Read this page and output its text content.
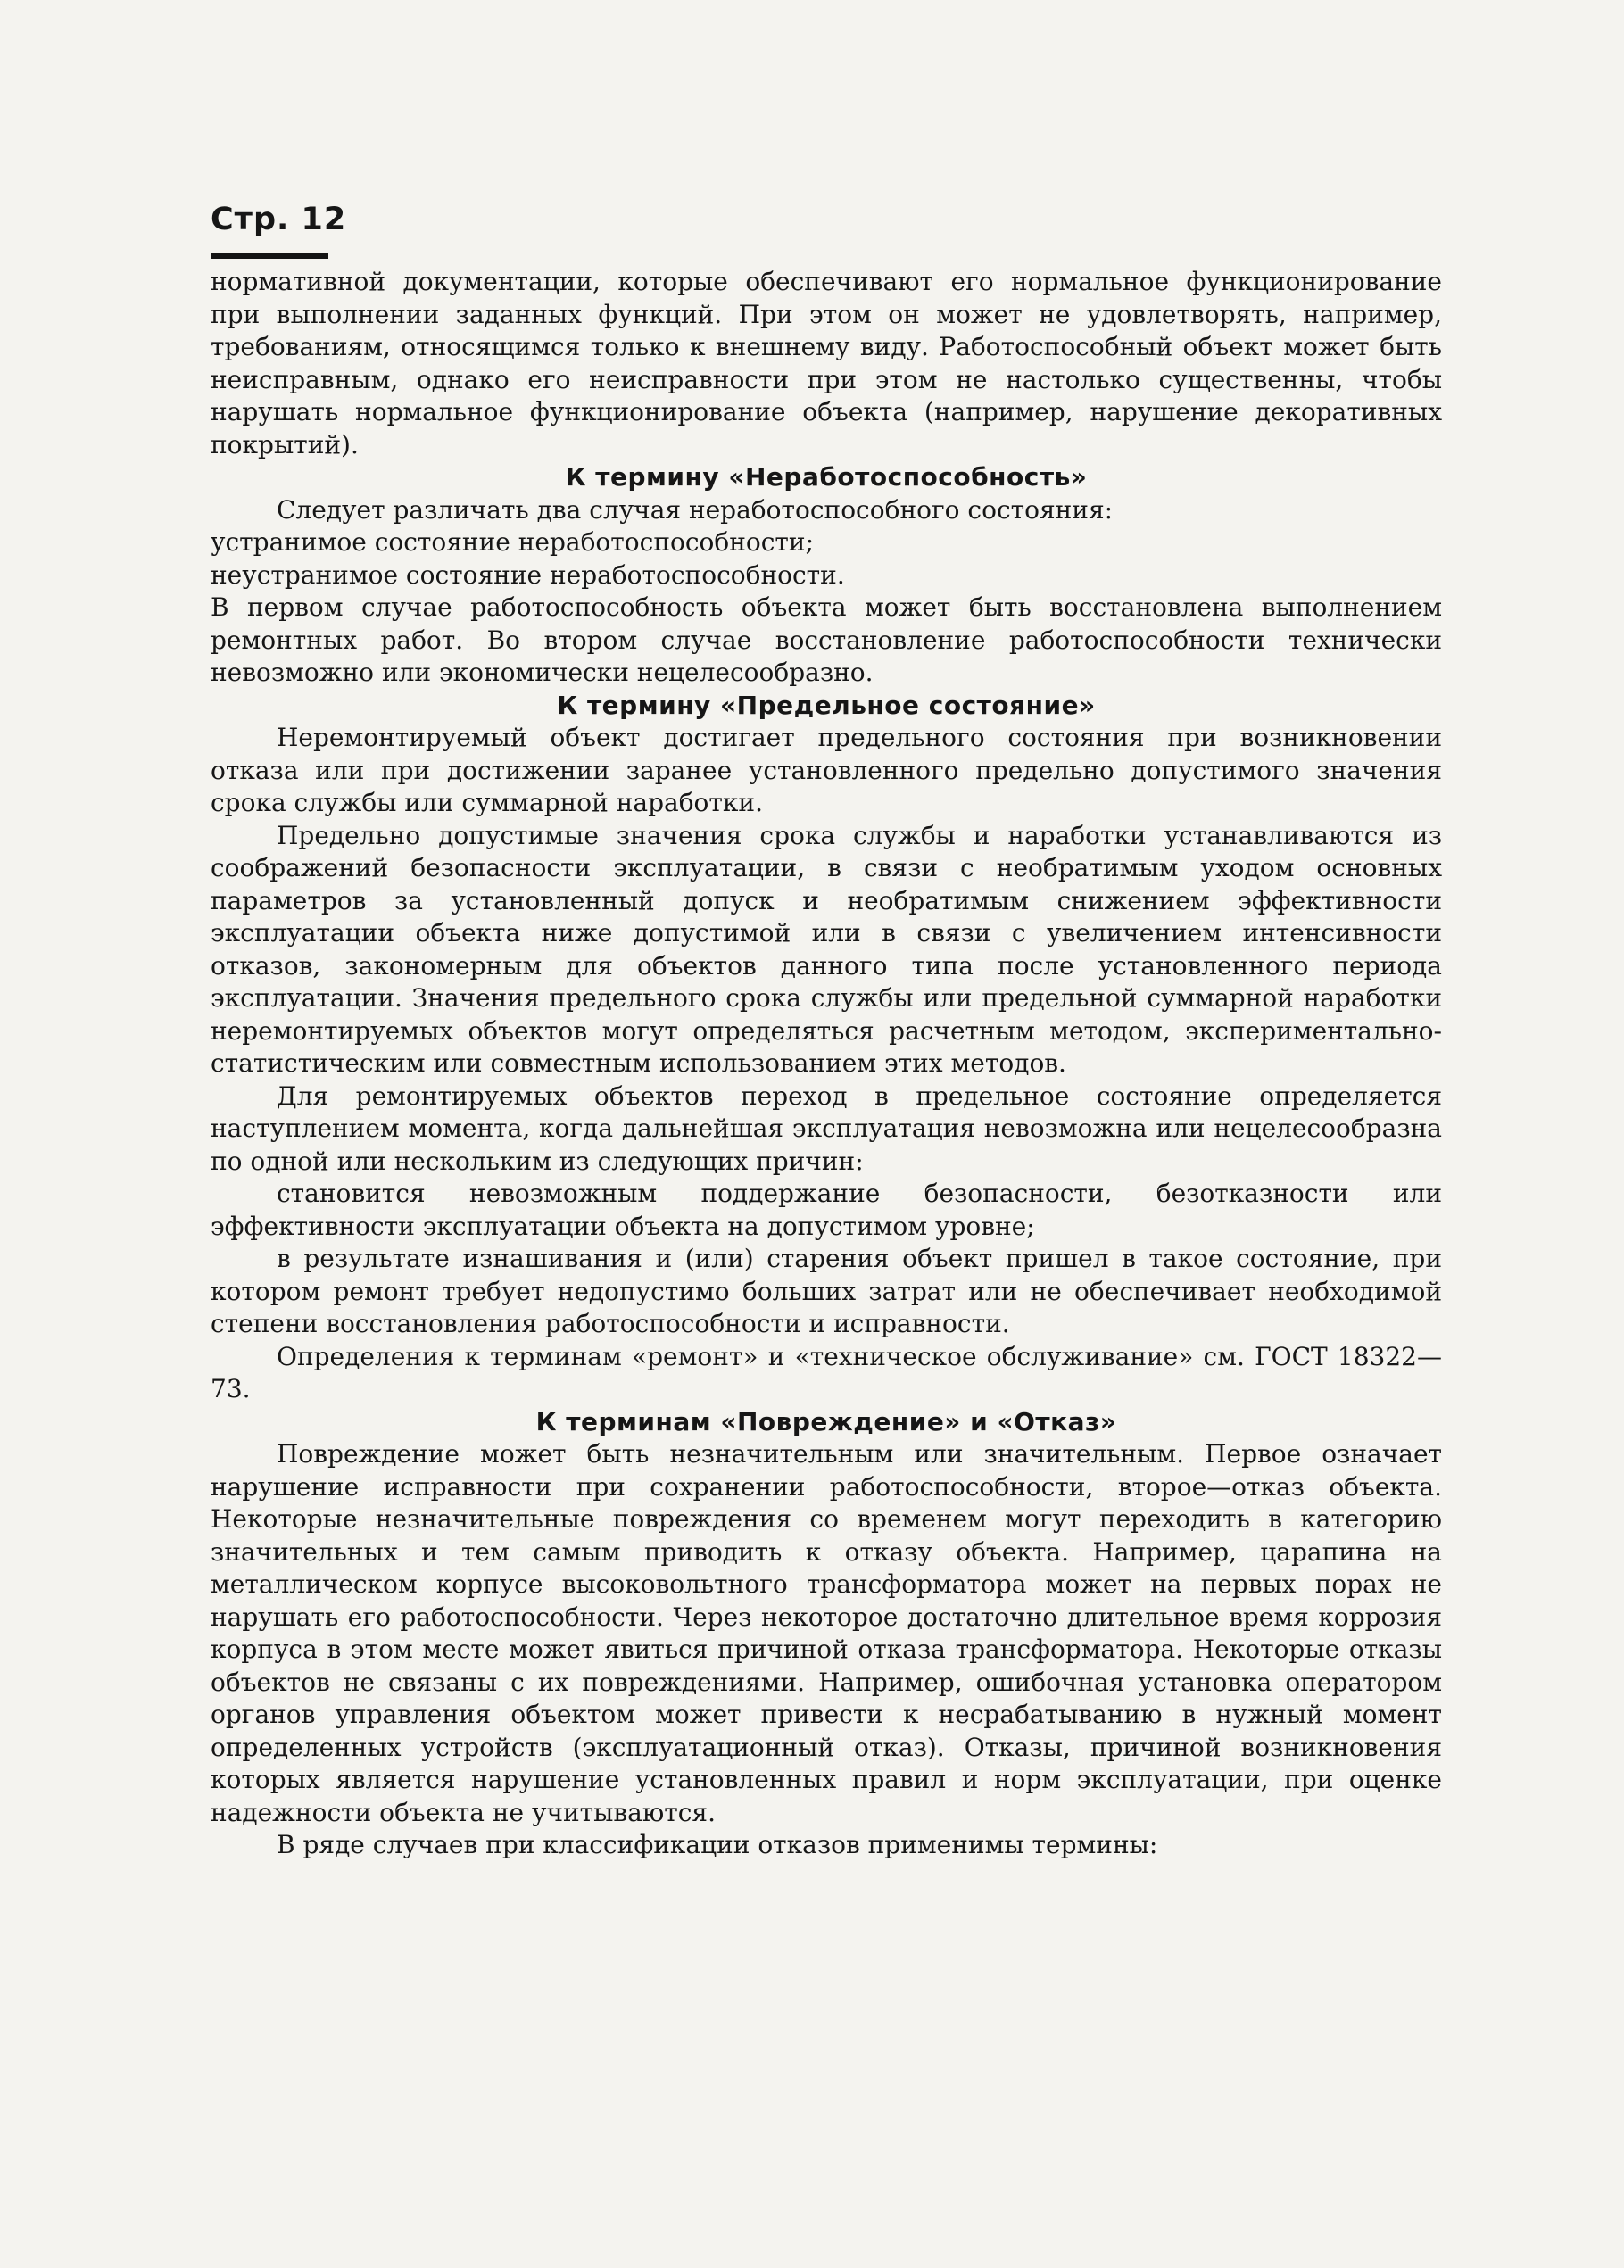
Стр. 12

нормативной документации, которые обеспечивают его нормальное функционирование при выполнении заданных функций. При этом он может не удовлетворять, например, требованиям, относящимся только к внешнему виду. Работоспособный объект может быть неисправным, однако его неисправности при этом не настолько существенны, чтобы нарушать нормальное функционирование объекта (например, нарушение декоративных покрытий).

К термину «Неработоспособность»

Следует различать два случая неработоспособного состояния:

устранимое состояние неработоспособности;

неустранимое состояние неработоспособности.

В первом случае работоспособность объекта может быть восстановлена выполнением ремонтных работ. Во втором случае восстановление работоспособности технически невозможно или экономически нецелесообразно.

К термину «Предельное состояние»

Неремонтируемый объект достигает предельного состояния при возникновении отказа или при достижении заранее установленного предельно допустимого значения срока службы или суммарной наработки.

Предельно допустимые значения срока службы и наработки устанавливаются из соображений безопасности эксплуатации, в связи с необратимым уходом основных параметров за установленный допуск и необратимым снижением эффективности эксплуатации объекта ниже допустимой или в связи с увеличением интенсивности отказов, закономерным для объектов данного типа после установленного периода эксплуатации. Значения предельного срока службы или предельной суммарной наработки неремонтируемых объектов могут определяться расчетным методом, экспериментально-статистическим или совместным использованием этих методов.

Для ремонтируемых объектов переход в предельное состояние определяется наступлением момента, когда дальнейшая эксплуатация невозможна или нецелесообразна по одной или нескольким из следующих причин:

становится невозможным поддержание безопасности, безотказности или эффективности эксплуатации объекта на допустимом уровне;

в результате изнашивания и (или) старения объект пришел в такое состояние, при котором ремонт требует недопустимо больших затрат или не обеспечивает необходимой степени восстановления работоспособности и исправности.

Определения к терминам «ремонт» и «техническое обслуживание» см. ГОСТ 18322—73.

К терминам «Повреждение» и «Отказ»

Повреждение может быть незначительным или значительным. Первое означает нарушение исправности при сохранении работоспособности, второе—отказ объекта. Некоторые незначительные повреждения со временем могут переходить в категорию значительных и тем самым приводить к отказу объекта. Например, царапина на металлическом корпусе высоковольтного трансформатора может на первых порах не нарушать его работоспособности. Через некоторое достаточно длительное время коррозия корпуса в этом месте может явиться причиной отказа трансформатора. Некоторые отказы объектов не связаны с их повреждениями. Например, ошибочная установка оператором органов управления объектом может привести к несрабатыванию в нужный момент определенных устройств (эксплуатационный отказ). Отказы, причиной возникновения которых является нарушение установленных правил и норм эксплуатации, при оценке надежности объекта не учитываются.

В ряде случаев при классификации отказов применимы термины:
